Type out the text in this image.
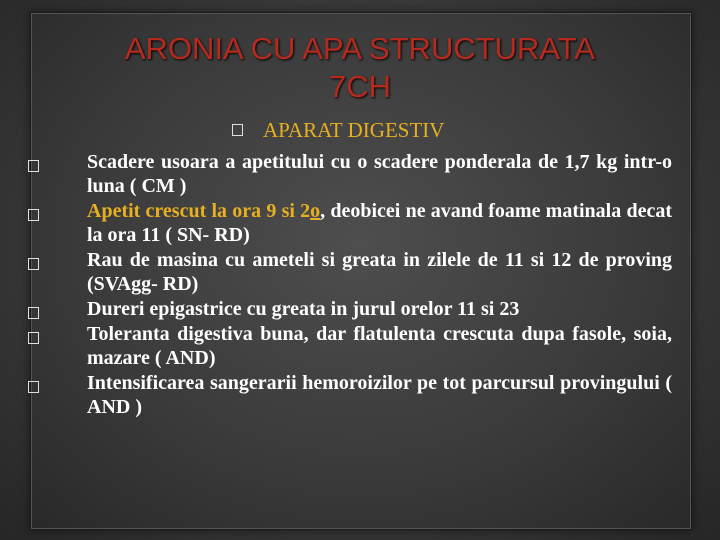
ARONIA CU APA STRUCTURATA
7CH
APARAT DIGESTIV
Scadere usoara a apetitului cu o scadere ponderala de 1,7 kg intr-o luna ( CM )
Apetit crescut la ora 9 si 2o, deobicei ne avand foame matinala decat la ora 11 ( SN- RD)
Rau de masina cu ameteli si greata in zilele de 11 si 12 de proving (SVAgg- RD)
Dureri epigastrice cu greata in jurul orelor 11 si 23
Toleranta digestiva buna, dar flatulenta crescuta dupa fasole, soia, mazare ( AND)
Intensificarea sangerarii hemoroizilor pe tot parcursul provingului ( AND )
